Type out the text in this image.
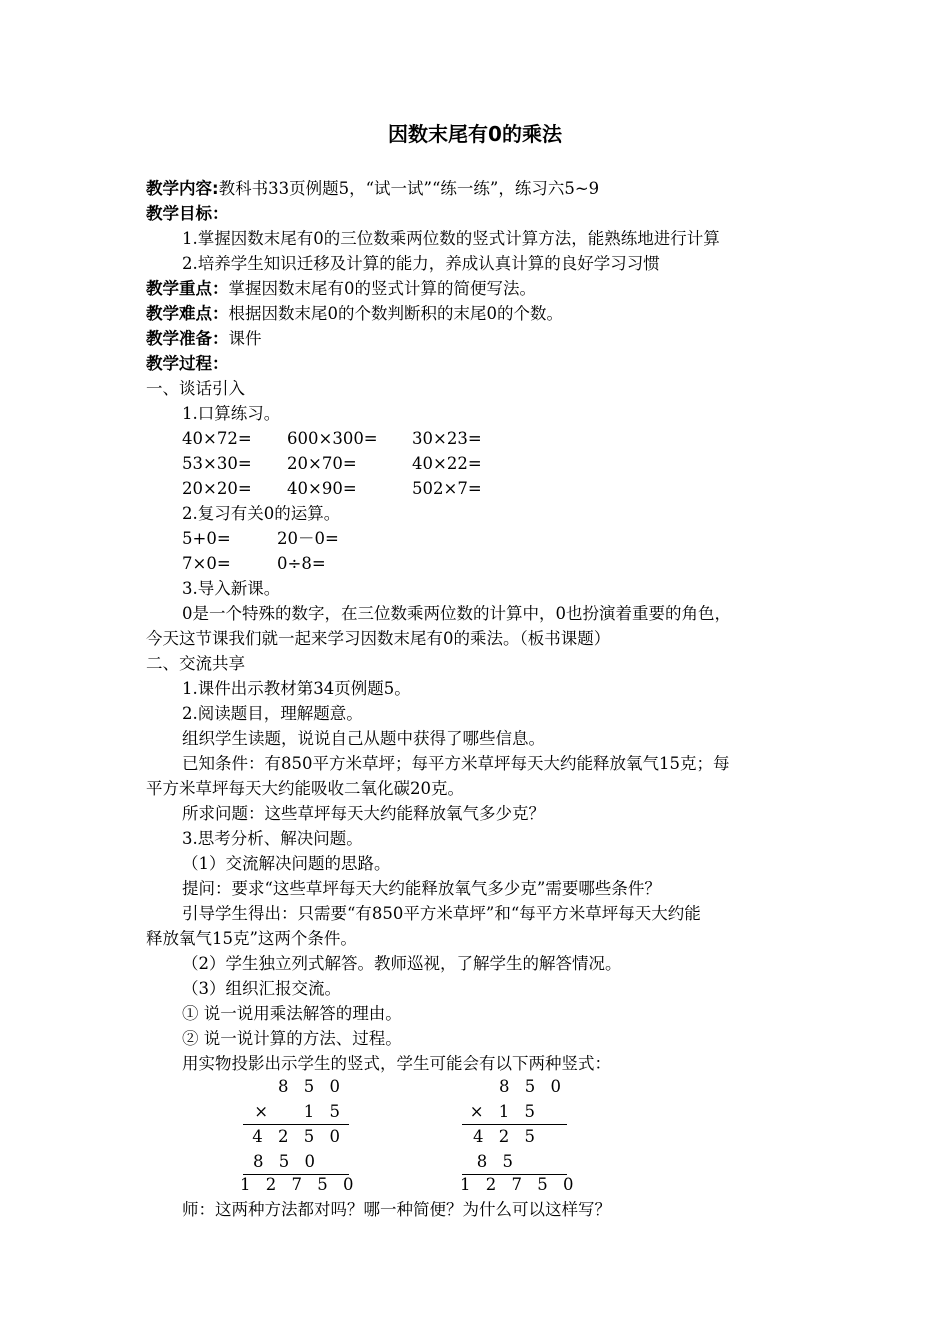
因数末尾有0的乘法
教学内容:教科书33页例题5，“试一试”“练一练”，练习六5~9
教学目标：
1.掌握因数末尾有0的三位数乘两位数的竖式计算方法，能熟练地进行计算
2.培养学生知识迁移及计算的能力，养成认真计算的良好学习习惯
教学重点：掌握因数末尾有0的竖式计算的简便写法。
教学难点：根据因数末尾0的个数判断积的末尾0的个数。
教学准备：课件
教学过程：
一、谈话引入
1.口算练习。
40×72= 600×300= 30×23=
53×30= 20×70=	40×22=
20×20= 40×90=	502×7=
2.复习有关0的运算。
5+0=	20－0=
7×0=	0÷8=
3.导入新课。
0是一个特殊的数字，在三位数乘两位数的计算中，0也扮演着重要的角色，
今天这节课我们就一起来学习因数末尾有0的乘法。（板书课题）
二、交流共享
1.课件出示教材第34页例题5。
2.阅读题目，理解题意。
组织学生读题，说说自己从题中获得了哪些信息。
已知条件：有850平方米草坪；每平方米草坪每天大约能释放氧气15克；每
平方米草坪每天大约能吸收二氧化碳20克。
所求问题：这些草坪每天大约能释放氧气多少克？
3.思考分析、解决问题。
（1）交流解决问题的思路。
提问：要求“这些草坪每天大约能释放氧气多少克”需要哪些条件？
引导学生得出：只需要“有850平方米草坪”和“每平方米草坪每天大约能
释放氧气15克”这两个条件。
（2）学生独立列式解答。教师巡视，了解学生的解答情况。
（3）组织汇报交流。
① 说一说用乘法解答的理由。
② 说一说计算的方法、过程。
用实物投影出示学生的竖式，学生可能会有以下两种竖式：
8 5 0
×   1 5
4 2 5 0
8 5 0
1 2 7 5 0
8 5 0
× 1 5
4 2 5
8 5
1 2 7 5 0
师：这两种方法都对吗？哪一种简便？为什么可以这样写？
